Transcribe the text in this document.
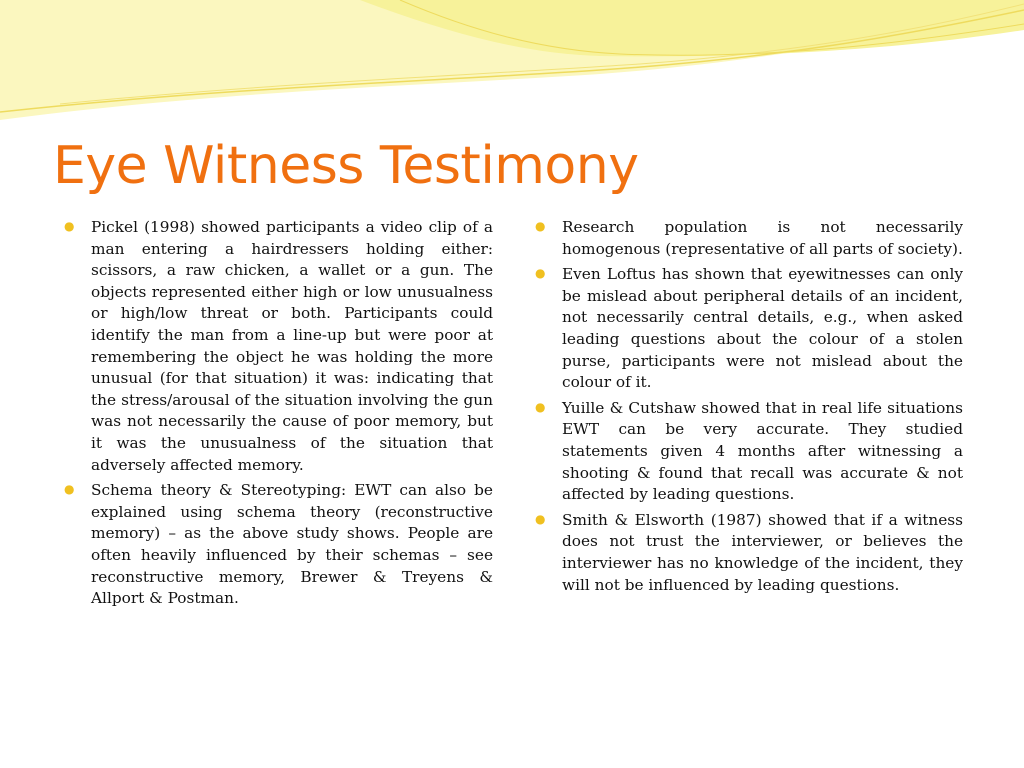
Eye Witness Testimony
● Pickel (1998) showed participants a video clip of a man entering a hairdressers holding either: scissors, a raw chicken, a wallet or a gun. The objects represented either high or low unusualness or high/low threat or both. Participants could identify the man from a line-up but were poor at remembering the object he was holding the more unusual (for that situation) it was: indicating that the stress/arousal of the situation involving the gun was not necessarily the cause of poor memory, but it was the unusualness of the situation that adversely affected memory.
● Schema theory & Stereotyping: EWT can also be explained using schema theory (reconstructive memory) – as the above study shows. People are often heavily influenced by their schemas – see reconstructive memory, Brewer & Treyens & Allport & Postman.
● Research population is not necessarily homogenous (representative of all parts of society).
● Even Loftus has shown that eyewitnesses can only be mislead about peripheral details of an incident, not necessarily central details, e.g., when asked leading questions about the colour of a stolen purse, participants were not mislead about the colour of it.
● Yuille & Cutshaw showed that in real life situations EWT can be very accurate. They studied statements given 4 months after witnessing a shooting & found that recall was accurate & not affected by leading questions.
● Smith & Elsworth (1987) showed that if a witness does not trust the interviewer, or believes the interviewer has no knowledge of the incident, they will not be influenced by leading questions.
